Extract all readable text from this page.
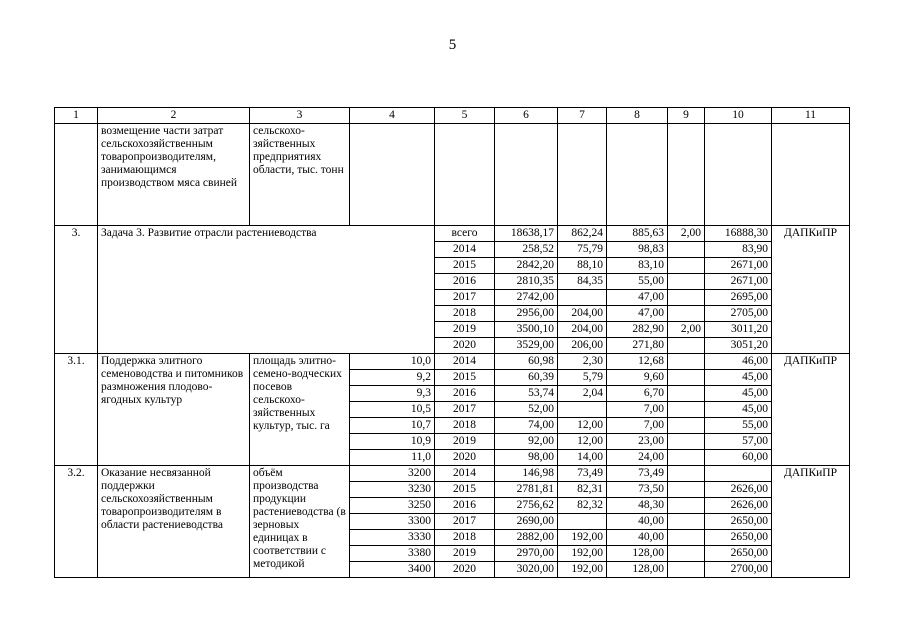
5
1	2	3	4	5	6	7	8	9	10	11
	возмещение части затрат сельскохозяйственным товаропроизводителям, занимающимся производством мяса свиней	сельскохо-зяйственных предприятиях области, тыс. тонн								
3.	Задача 3. Развитие отрасли растениеводства			всего	18638,17	862,24	885,63	2,00	16888,30	ДАПКиПР
				2014	258,52	75,79	98,83		83,90	
				2015	2842,20	88,10	83,10		2671,00	
				2016	2810,35	84,35	55,00		2671,00	
				2017	2742,00		47,00		2695,00	
				2018	2956,00	204,00	47,00		2705,00	
				2019	3500,10	204,00	282,90	2,00	3011,20	
				2020	3529,00	206,00	271,80		3051,20	
3.1.	Поддержка элитного семеноводства и питомников размножения плодово-ягодных культур	площадь элитно-семено-водческих посевов сельскохо-зяйственных культур, тыс. га	10,0	2014	60,98	2,30	12,68		46,00	ДАПКиПР
			9,2	2015	60,39	5,79	9,60		45,00	
			9,3	2016	53,74	2,04	6,70		45,00	
			10,5	2017	52,00		7,00		45,00	
			10,7	2018	74,00	12,00	7,00		55,00	
			10,9	2019	92,00	12,00	23,00		57,00	
			11,0	2020	98,00	14,00	24,00		60,00	
3.2.	Оказание несвязанной поддержки сельскохозяйственным товаропроизводителям в области растениеводства	объём производства продукции растениеводства (в зерновых единицах в соответствии с методикой	3200	2014	146,98	73,49	73,49			ДАПКиПР
			3230	2015	2781,81	82,31	73,50		2626,00	
			3250	2016	2756,62	82,32	48,30		2626,00	
			3300	2017	2690,00		40,00		2650,00	
			3330	2018	2882,00	192,00	40,00		2650,00	
			3380	2019	2970,00	192,00	128,00		2650,00	
			3400	2020	3020,00	192,00	128,00		2700,00	
